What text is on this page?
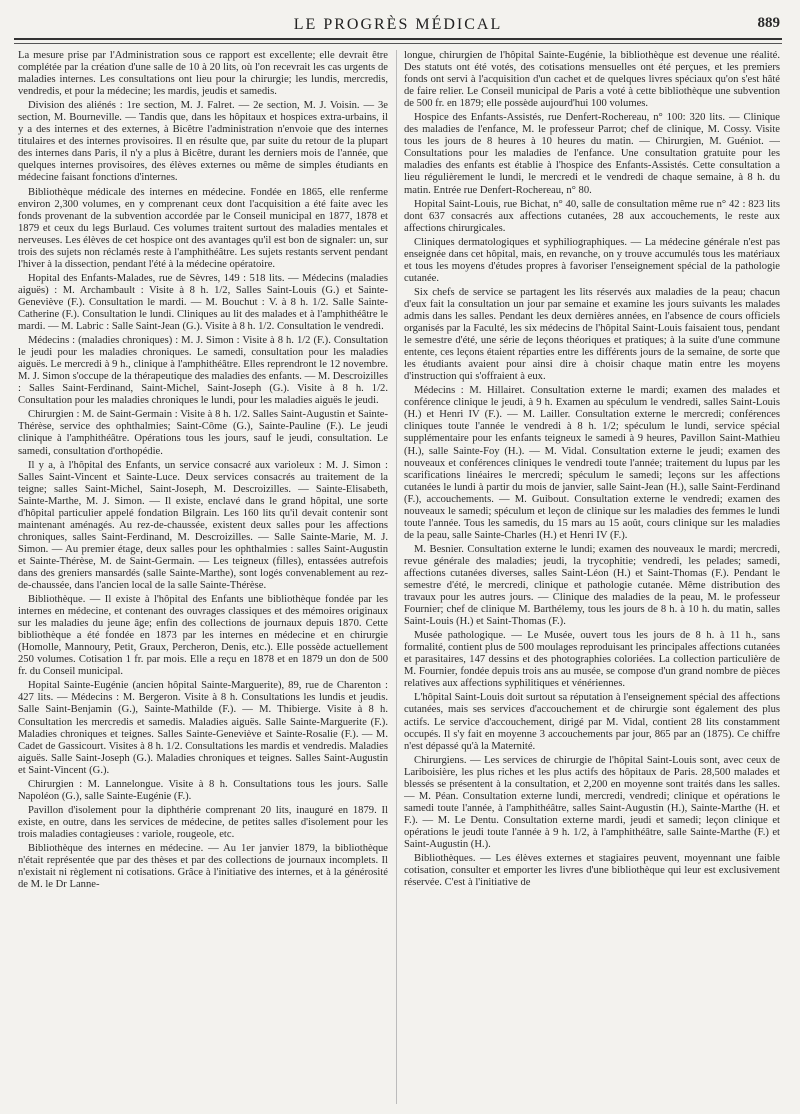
LE PROGRÈS MÉDICAL	889

La mesure prise par l'Administration sous ce rapport est excellente; elle devrait être complétée par la création d'une salle de 10 à 20 lits, où l'on recevrait les cas urgents de maladies internes. Les consultations ont lieu pour la chirurgie; les lundis, mercredis, vendredis, et pour la médecine; les mardis, jeudis et samedis.

Division des aliénés : 1re section, M. J. Falret. — 2e section, M. J. Voisin. — 3e section, M. Bourneville. — Tandis que, dans les hôpitaux et hospices extra-urbains, il y a des internes et des externes, à Bicêtre l'administration n'envoie que des internes titulaires et des internes provisoires. Il en résulte que, par suite du retour de la plupart des internes dans Paris, il n'y a plus à Bicêtre, durant les derniers mois de l'année, que quelques internes provisoires, des élèves externes ou même de simples étudiants en médecine faisant fonctions d'internes.

Bibliothèque médicale des internes en médecine. Fondée en 1865, elle renferme environ 2,300 volumes, en y comprenant ceux dont l'acquisition a été faite avec les fonds provenant de la subvention accordée par le Conseil municipal en 1877, 1878 et 1879 et ceux du legs Burlaud. Ces volumes traitent surtout des maladies mentales et nerveuses. Les élèves de cet hospice ont des avantages qu'il est bon de signaler: un, sur trois des sujets non réclamés reste à l'amphithéâtre. Les sujets restants servent pendant l'hiver à la dissection, pendant l'été à la médecine opératoire.

Hopital des Enfants-Malades, rue de Sèvres, 149 : 518 lits. — Médecins (maladies aiguës) : M. Archambault : Visite à 8 h. 1/2, Salles Saint-Louis (G.) et Sainte-Geneviève (F.). Consultation le mardi. — M. Bouchut : V. à 8 h. 1/2. Salle Sainte-Catherine (F.). Consultation le lundi. Cliniques au lit des malades et à l'amphithéâtre le mardi. — M. Labric : Salle Saint-Jean (G.). Visite à 8 h. 1/2. Consultation le vendredi.

Médecins : (maladies chroniques) : M. J. Simon : Visite à 8 h. 1/2 (F.). Consultation le jeudi pour les maladies chroniques. Le samedi, consultation pour les maladies aiguës. Le mercredi à 9 h., clinique à l'amphithéâtre. Elles reprendront le 12 novembre. M. J. Simon s'occupe de la thérapeutique des maladies des enfants. — M. Descroizilles : Salles Saint-Ferdinand, Saint-Michel, Saint-Joseph (G.). Visite à 8 h. 1/2. Consultation pour les maladies chroniques le lundi, pour les maladies aiguës le jeudi.

Chirurgien : M. de Saint-Germain : Visite à 8 h. 1/2. Salles Saint-Augustin et Sainte-Thérèse, service des ophthalmies; Saint-Côme (G.), Sainte-Pauline (F.). Le jeudi clinique à l'amphithéâtre. Opérations tous les jours, sauf le jeudi, consultation. Le samedi, consultation d'orthopédie.

Il y a, à l'hôpital des Enfants, un service consacré aux varioleux : M. J. Simon : Salles Saint-Vincent et Sainte-Luce. Deux services consacrés au traitement de la teigne; salles Saint-Michel, Saint-Joseph, M. Descroizilles. — Sainte-Elisabeth, Sainte-Marthe, M. J. Simon. — Il existe, enclavé dans le grand hôpital, une sorte d'hôpital particulier appelé fondation Bilgrain. Les 160 lits qu'il devait contenir sont maintenant aménagés. Au rez-de-chaussée, existent deux salles pour les affections chroniques, salles Saint-Ferdinand, M. Descroizilles. — Salle Sainte-Marie, M. J. Simon. — Au premier étage, deux salles pour les ophthalmies : salles Saint-Augustin et Sainte-Thérèse, M. de Saint-Germain. — Les teigneux (filles), entassées autrefois dans des greniers mansardés (salle Sainte-Marthe), sont logés convenablement au rez-de-chaussée, dans l'ancien local de la salle Sainte-Thérèse.

Bibliothèque. — Il existe à l'hôpital des Enfants une bibliothèque fondée par les internes en médecine, et contenant des ouvrages classiques et des mémoires originaux sur les maladies du jeune âge; enfin des collections de journaux depuis 1870. Cette bibliothèque a été fondée en 1873 par les internes en médecine et en chirurgie (Homolle, Mannoury, Petit, Graux, Percheron, Denis, etc.). Elle possède actuellement 250 volumes. Cotisation 1 fr. par mois. Elle a reçu en 1878 et en 1879 un don de 500 fr. du Conseil municipal.

Hopital Sainte-Eugénie (ancien hôpital Sainte-Marguerite), 89, rue de Charenton : 427 lits. — Médecins : M. Bergeron. Visite à 8 h. Consultations les lundis et jeudis. Salle Saint-Benjamin (G.), Sainte-Mathilde (F.). — M. Thibierge. Visite à 8 h. Consultation les mercredis et samedis. Maladies aiguës. Salle Sainte-Marguerite (F.). Maladies chroniques et teignes. Salles Sainte-Geneviève et Sainte-Rosalie (F.). — M. Cadet de Gassicourt. Visites à 8 h. 1/2. Consultations les mardis et vendredis. Maladies aiguës. Salle Saint-Joseph (G.). Maladies chroniques et teignes. Salles Saint-Augustin et Saint-Vincent (G.).

Chirurgien : M. Lannelongue. Visite à 8 h. Consultations tous les jours. Salle Napoléon (G.), salle Sainte-Eugénie (F.).

Pavillon d'isolement pour la diphthérie comprenant 20 lits, inauguré en 1879. Il existe, en outre, dans les services de médecine, de petites salles d'isolement pour les trois maladies contagieuses : variole, rougeole, etc.

Bibliothèque des internes en médecine. — Au 1er janvier 1879, la bibliothèque n'était représentée que par des thèses et par des collections de journaux incomplets. Il n'existait ni règlement ni cotisations. Grâce à l'initiative des internes, et à la générosité de M. le Dr Lanne-

longue, chirurgien de l'hôpital Sainte-Eugénie, la bibliothèque est devenue une réalité. Des statuts ont été votés, des cotisations mensuelles ont été perçues, et les premiers fonds ont servi à l'acquisition d'un cachet et de quelques livres spéciaux qu'on s'est hâté de faire relier. Le Conseil municipal de Paris a voté à cette bibliothèque une subvention de 500 fr. en 1879; elle possède aujourd'hui 100 volumes.

Hospice des Enfants-Assistés, rue Denfert-Rochereau, n° 100: 320 lits. — Clinique des maladies de l'enfance, M. le professeur Parrot; chef de clinique, M. Cossy. Visite tous les jours de 8 heures à 10 heures du matin. — Chirurgien, M. Guéniot. — Consultations pour les maladies de l'enfance. Une consultation gratuite pour les maladies des enfants est établie à l'hospice des Enfants-Assistés. Cette consultation a lieu régulièrement le lundi, le mercredi et le vendredi de chaque semaine, à 8 h. du matin. Entrée rue Denfert-Rochereau, n° 80.

Hopital Saint-Louis, rue Bichat, n° 40, salle de consultation même rue n° 42 : 823 lits dont 637 consacrés aux affections cutanées, 28 aux accouchements, le reste aux affections chirurgicales.

Cliniques dermatologiques et syphiliographiques. — La médecine générale n'est pas enseignée dans cet hôpital, mais, en revanche, on y trouve accumulés tous les matériaux et tous les moyens d'études propres à favoriser l'enseignement spécial de la pathologie cutanée.

Six chefs de service se partagent les lits réservés aux maladies de la peau; chacun d'eux fait la consultation un jour par semaine et examine les jours suivants les malades admis dans les salles. Pendant les deux dernières années, en l'absence de cours officiels organisés par la Faculté, les six médecins de l'hôpital Saint-Louis faisaient tous, pendant le semestre d'été, une série de leçons théoriques et pratiques; à la suite d'une commune entente, ces leçons étaient réparties entre les différents jours de la semaine, de sorte que les étudiants avaient pour ainsi dire à choisir chaque matin entre les moyens d'instruction qui s'offraient à eux.

Médecins : M. Hillairet. Consultation externe le mardi; examen des malades et conférence clinique le jeudi, à 9 h. Examen au spéculum le vendredi, salles Saint-Louis (H.) et Henri IV (F.). — M. Lailler. Consultation externe le mercredi; conférences cliniques toute l'année le vendredi à 8 h. 1/2; spéculum le lundi, service spécial supplémentaire pour les enfants teigneux le samedi à 9 heures, Pavillon Saint-Mathieu (H.), salle Sainte-Foy (H.). — M. Vidal. Consultation externe le jeudi; examen des nouveaux et conférences cliniques le vendredi toute l'année; traitement du lupus par les scarifications linéaires le mercredi; spéculum le samedi; leçons sur les affections cutanées le lundi à partir du mois de janvier, salle Saint-Jean (H.), salle Saint-Ferdinand (F.), accouchements. — M. Guibout. Consultation externe le vendredi; examen des nouveaux le samedi; spéculum et leçon de clinique sur les maladies des femmes le lundi toute l'année. Tous les samedis, du 15 mars au 15 août, cours clinique sur les maladies de la peau, salle Sainte-Charles (H.) et Henri IV (F.).

M. Besnier. Consultation externe le lundi; examen des nouveaux le mardi; mercredi, revue générale des maladies; jeudi, la trycophitie; vendredi, les pelades; samedi, affections cutanées diverses, salles Saint-Léon (H.) et Saint-Thomas (F.). Pendant le semestre d'été, le mercredi, clinique et pathologie cutanée. Même distribution des travaux pour les autres jours. — Clinique des maladies de la peau, M. le professeur Fournier; chef de clinique M. Barthélemy, tous les jours de 8 h. à 10 h. du matin, salles Saint-Louis (H.) et Saint-Thomas (F.).

Musée pathologique. — Le Musée, ouvert tous les jours de 8 h. à 11 h., sans formalité, contient plus de 500 moulages reproduisant les principales affections cutanées et parasitaires, 147 dessins et des photographies coloriées. La collection particulière de M. Fournier, fondée depuis trois ans au musée, se compose d'un grand nombre de pièces relatives aux affections syphilitiques et vénériennes.

L'hôpital Saint-Louis doit surtout sa réputation à l'enseignement spécial des affections cutanées, mais ses services d'accouchement et de chirurgie sont également des plus actifs. Le service d'accouchement, dirigé par M. Vidal, contient 28 lits constamment occupés. Il s'y fait en moyenne 3 accouchements par jour, 865 par an (1875). Ce chiffre n'est dépassé qu'à la Maternité.

Chirurgiens. — Les services de chirurgie de l'hôpital Saint-Louis sont, avec ceux de Lariboisière, les plus riches et les plus actifs des hôpitaux de Paris. 28,500 malades et blessés se présentent à la consultation, et 2,200 en moyenne sont traités dans les salles. — M. Péan. Consultation externe lundi, mercredi, vendredi; clinique et opérations le samedi toute l'année, à l'amphithéâtre, salles Saint-Augustin (H.), Sainte-Marthe (H. et F.). — M. Le Dentu. Consultation externe mardi, jeudi et samedi; leçon clinique et opérations le jeudi toute l'année à 9 h. 1/2, à l'amphithéâtre, salle Sainte-Marthe (F.) et Saint-Augustin (H.).

Bibliothèques. — Les élèves externes et stagiaires peuvent, moyennant une faible cotisation, consulter et emporter les livres d'une bibliothèque qui leur est exclusivement réservée. C'est à l'initiative de
